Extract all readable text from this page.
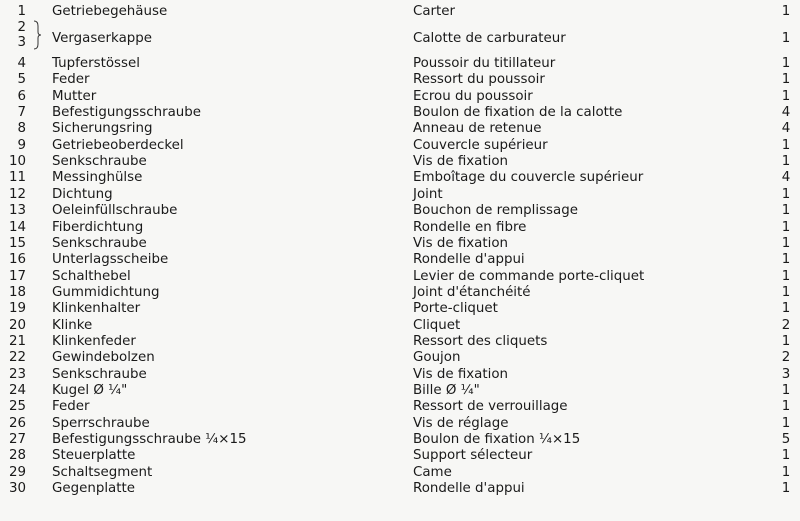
1 Getriebegehäuse	Carter	1
2
3 Vergaserkappe	Calotte de carburateur	1
4 Tupferstössel	Poussoir du titillateur	1
5 Feder	Ressort du poussoir	1
6 Mutter	Ecrou du poussoir	1
7 Befestigungsschraube	Boulon de fixation de la calotte	4
8 Sicherungsring	Anneau de retenue	4
9 Getriebeoberdeckel	Couvercle supérieur	1
10 Senkschraube	Vis de fixation	1
11 Messinghülse	Emboîtage du couvercle supérieur	4
12 Dichtung	Joint	1
13 Oeleinfüllschraube	Bouchon de remplissage	1
14 Fiberdichtung	Rondelle en fibre	1
15 Senkschraube	Vis de fixation	1
16 Unterlagsscheibe	Rondelle d'appui	1
17 Schalthebel	Levier de commande porte-cliquet	1
18 Gummidichtung	Joint d'étanchéité	1
19 Klinkenhalter	Porte-cliquet	1
20 Klinke	Cliquet	2
21 Klinkenfeder	Ressort des cliquets	1
22 Gewindebolzen	Goujon	2
23 Senkschraube	Vis de fixation	3
24 Kugel Ø ¼"	Bille Ø ¼"	1
25 Feder	Ressort de verrouillage	1
26 Sperrschraube	Vis de réglage	1
27 Befestigungsschraube ¼×15	Boulon de fixation ¼×15	5
28 Steuerplatte	Support sélecteur	1
29 Schaltsegment	Came	1
30 Gegenplatte	Rondelle d'appui	1
